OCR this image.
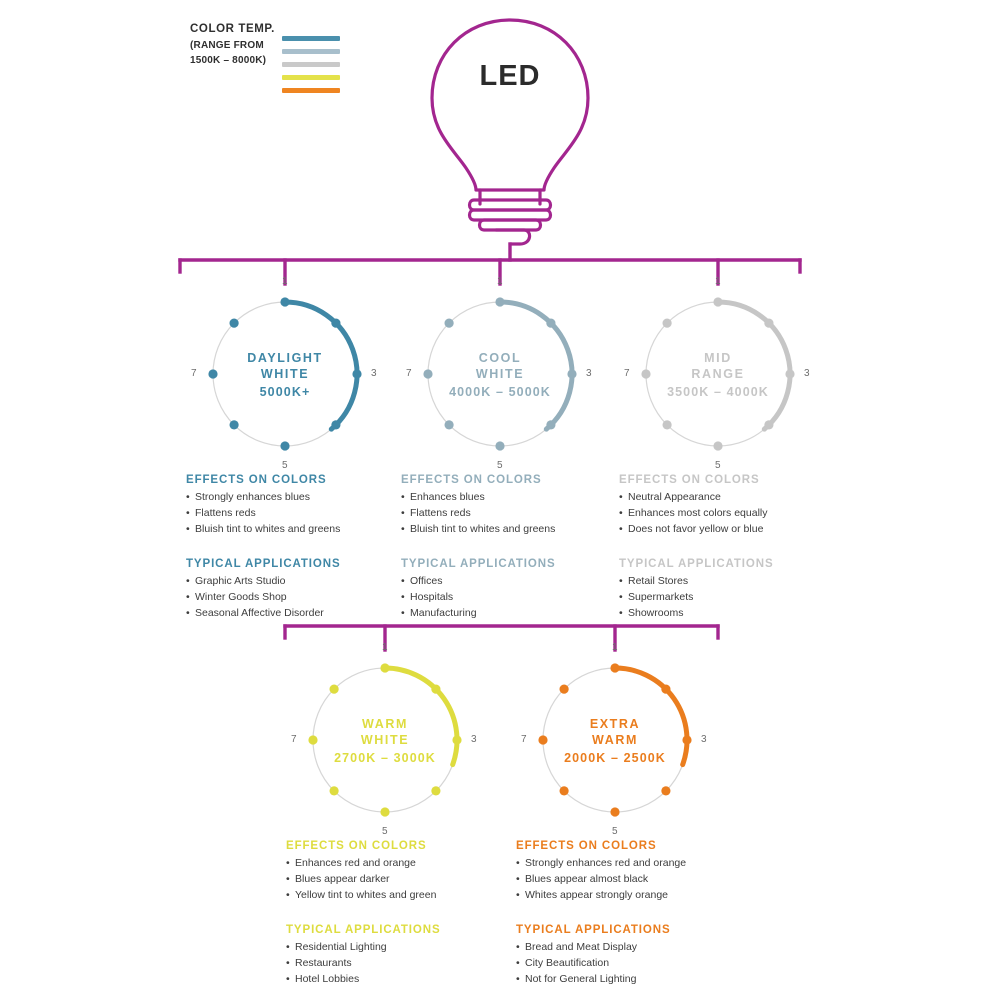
COLOR TEMP.
(RANGE FROM
1500K – 8000K)	LED
1
3
5
7
DAYLIGHT
WHITE
5000K+
EFFECTS ON COLORS
• Strongly enhances blues
• Flattens reds
• Bluish tint to whites and greens
TYPICAL APPLICATIONS
• Graphic Arts Studio
• Winter Goods Shop
• Seasonal Affective Disorder
1
3
5
7
COOL
WHITE
4000K – 5000K
EFFECTS ON COLORS
• Enhances blues
• Flattens reds
• Bluish tint to whites and greens
TYPICAL APPLICATIONS
• Offices
• Hospitals
• Manufacturing
1
3
5
7
MID
RANGE
3500K – 4000K
EFFECTS ON COLORS
• Neutral Appearance
• Enhances most colors equally
• Does not favor yellow or blue
TYPICAL APPLICATIONS
• Retail Stores
• Supermarkets
• Showrooms
1
3
5
7
WARM
WHITE
2700K – 3000K
EFFECTS ON COLORS
• Enhances red and orange
• Blues appear darker
• Yellow tint to whites and green
TYPICAL APPLICATIONS
• Residential Lighting
• Restaurants
• Hotel Lobbies
1
3
5
7
EXTRA
WARM
2000K – 2500K
EFFECTS ON COLORS
• Strongly enhances red and orange
• Blues appear almost black
• Whites appear strongly orange
TYPICAL APPLICATIONS
• Bread and Meat Display
• City Beautification
• Not for General Lighting
